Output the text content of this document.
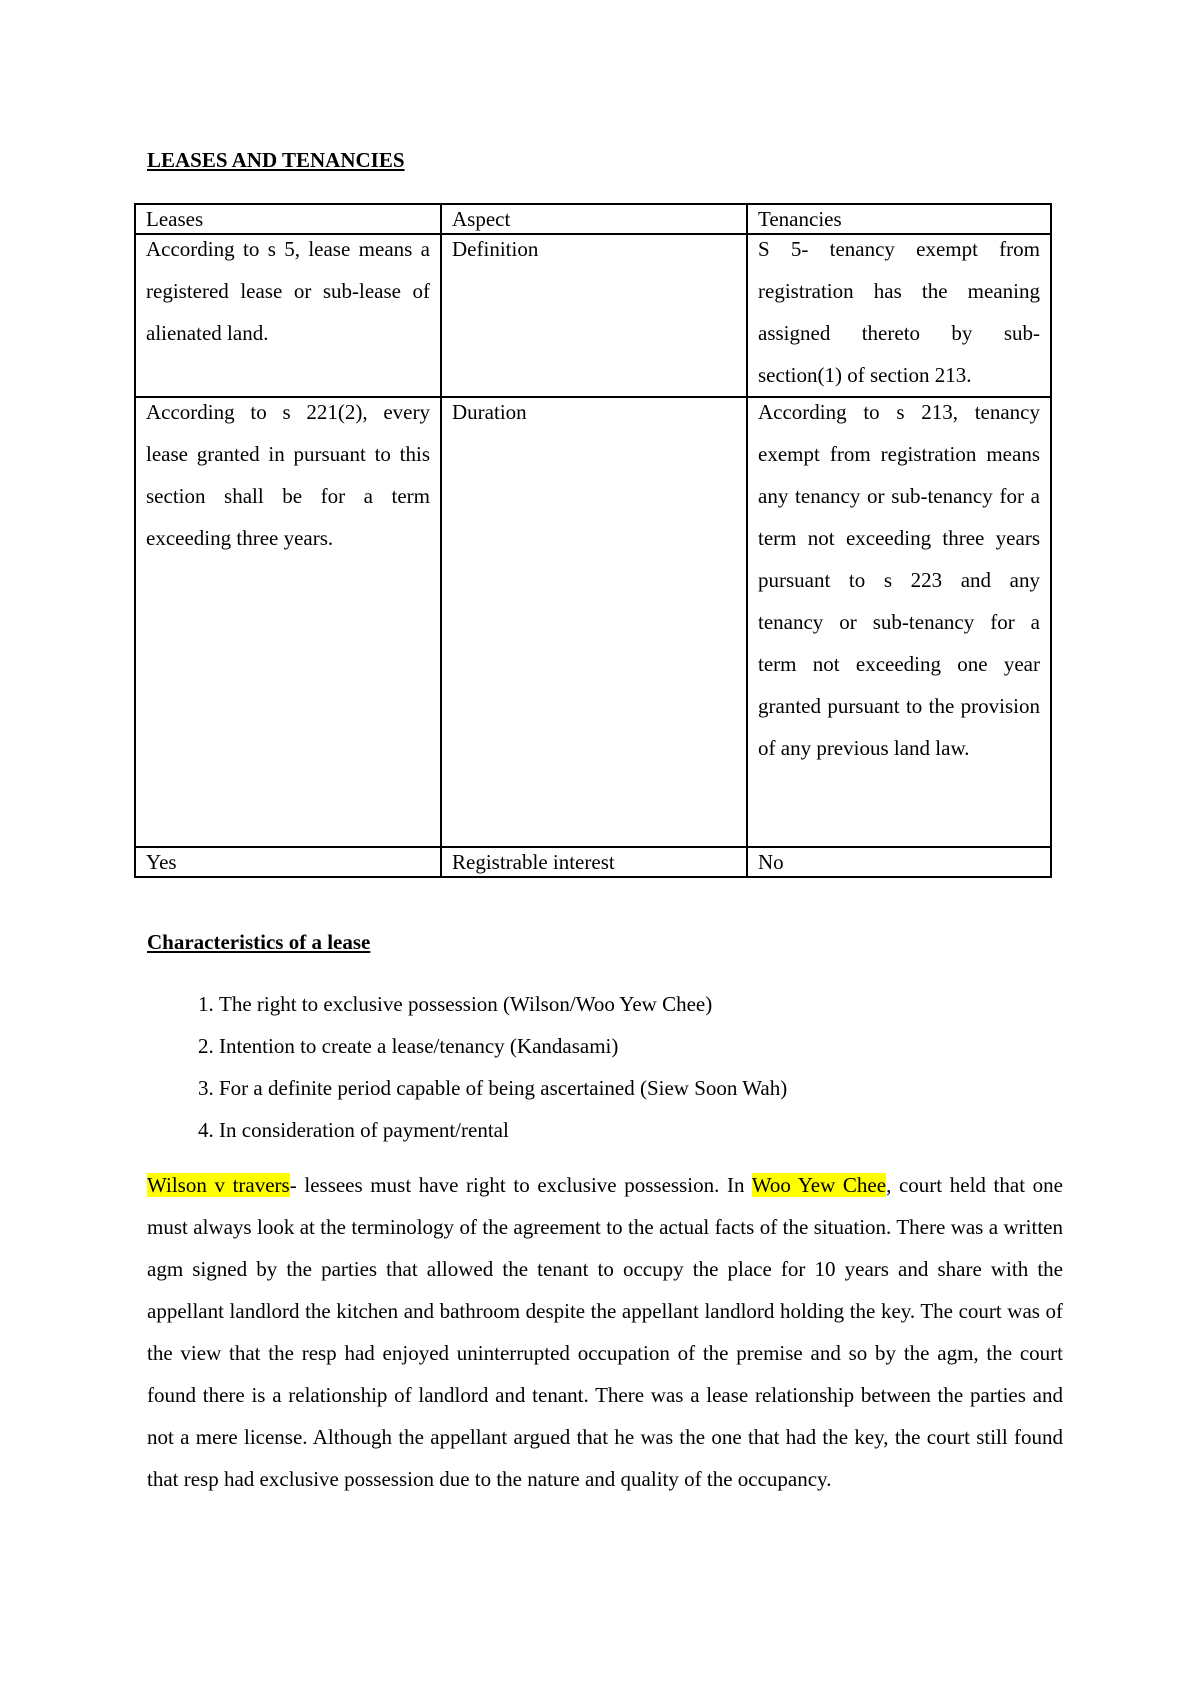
LEASES AND TENANCIES
Leases	Aspect	Tenancies

According to s 5, lease means a registered lease or sub-lease of alienated land.	Definition	S 5- tenancy exempt from registration has the meaning assigned thereto by sub-section(1) of section 213.

According to s 221(2), every lease granted in pursuant to this section shall be for a term exceeding three years.	Duration	According to s 213, tenancy exempt from registration means any tenancy or sub-tenancy for a term not exceeding three years pursuant to s 223 and any tenancy or sub-tenancy for a term not exceeding one year granted pursuant to the provision of any previous land law.

Yes	Registrable interest	No
Characteristics of a lease
1. The right to exclusive possession (Wilson/Woo Yew Chee)
2. Intention to create a lease/tenancy (Kandasami)
3. For a definite period capable of being ascertained (Siew Soon Wah)
4. In consideration of payment/rental

Wilson v travers- lessees must have right to exclusive possession. In Woo Yew Chee, court held that one must always look at the terminology of the agreement to the actual facts of the situation. There was a written agm signed by the parties that allowed the tenant to occupy the place for 10 years and share with the appellant landlord the kitchen and bathroom despite the appellant landlord holding the key. The court was of the view that the resp had enjoyed uninterrupted occupation of the premise and so by the agm, the court found there is a relationship of landlord and tenant. There was a lease relationship between the parties and not a mere license. Although the appellant argued that he was the one that had the key, the court still found that resp had exclusive possession due to the nature and quality of the occupancy.
